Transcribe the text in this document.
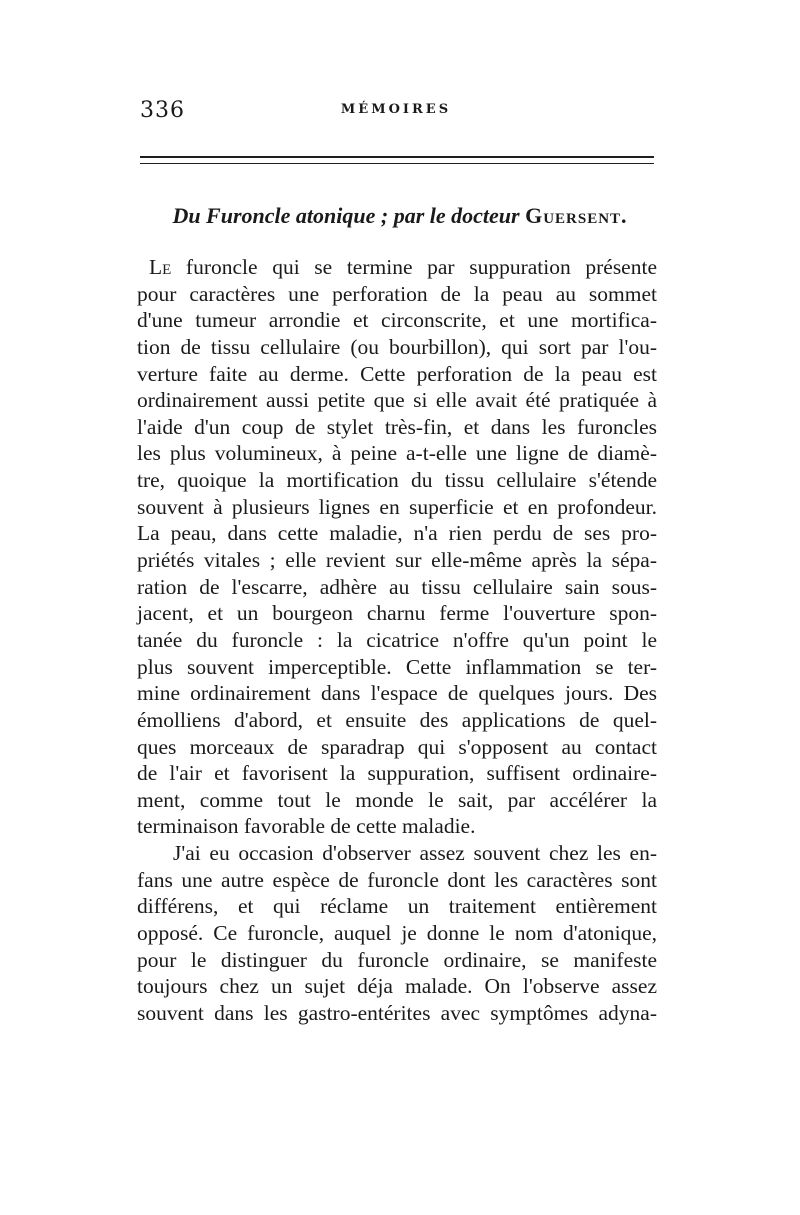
336	MÉMOIRES
Du Furoncle atonique ; par le docteur Guersent.
Le furoncle qui se termine par suppuration présente
pour caractères une perforation de la peau au sommet
d'une tumeur arrondie et circonscrite, et une mortifica-
tion de tissu cellulaire (ou bourbillon), qui sort par l'ou-
verture faite au derme. Cette perforation de la peau est
ordinairement aussi petite que si elle avait été pratiquée à
l'aide d'un coup de stylet très-fin, et dans les furoncles
les plus volumineux, à peine a-t-elle une ligne de diamè-
tre, quoique la mortification du tissu cellulaire s'étende
souvent à plusieurs lignes en superficie et en profondeur.
La peau, dans cette maladie, n'a rien perdu de ses pro-
priétés vitales ; elle revient sur elle-même après la sépa-
ration de l'escarre, adhère au tissu cellulaire sain sous-
jacent, et un bourgeon charnu ferme l'ouverture spon-
tanée du furoncle : la cicatrice n'offre qu'un point le
plus souvent imperceptible. Cette inflammation se ter-
mine ordinairement dans l'espace de quelques jours. Des
émolliens d'abord, et ensuite des applications de quel-
ques morceaux de sparadrap qui s'opposent au contact
de l'air et favorisent la suppuration, suffisent ordinaire-
ment, comme tout le monde le sait, par accélérer la
terminaison favorable de cette maladie.
J'ai eu occasion d'observer assez souvent chez les en-
fans une autre espèce de furoncle dont les caractères sont
différens, et qui réclame un traitement entièrement
opposé. Ce furoncle, auquel je donne le nom d'atonique,
pour le distinguer du furoncle ordinaire, se manifeste
toujours chez un sujet déja malade. On l'observe assez
souvent dans les gastro-entérites avec symptômes adyna-
